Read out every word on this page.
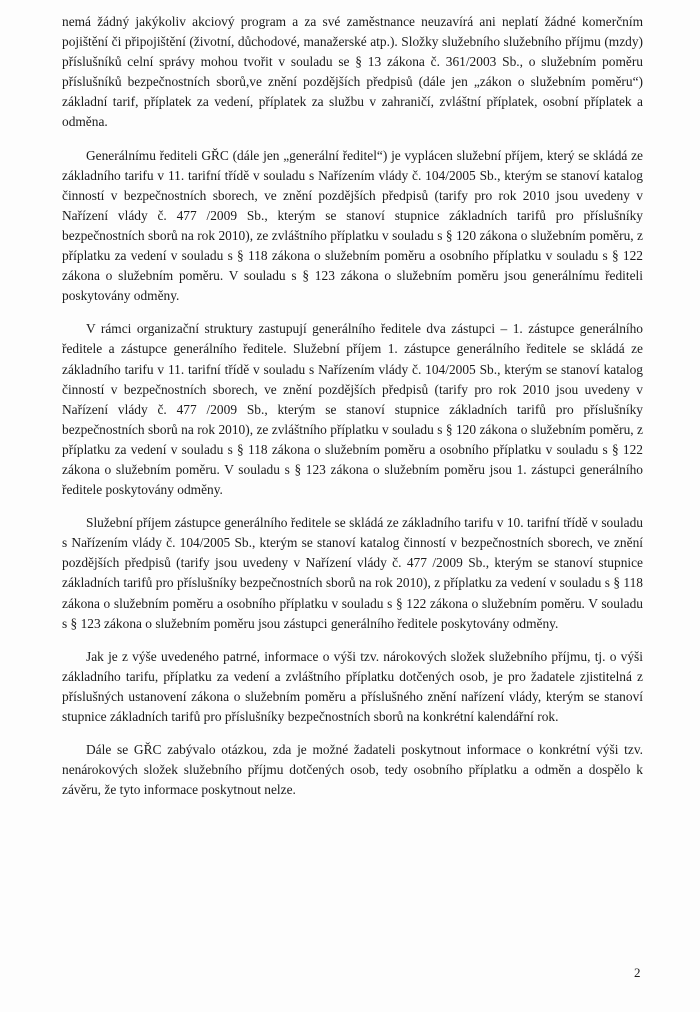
nemá žádný jakýkoliv akciový program a za své zaměstnance neuzavírá ani neplatí žádné komerčním pojištění či připojištění (životní, důchodové, manažerské atp.). Složky služebního služebního příjmu (mzdy) příslušníků celní správy mohou tvořit v souladu se § 13 zákona č. 361/2003 Sb., o služebním poměru příslušníků bezpečnostních sborů,ve znění pozdějších předpisů (dále jen „zákon o služebním poměru“) základní tarif, příplatek za vedení, příplatek za službu v zahraničí, zvláštní příplatek, osobní příplatek a odměna.

Generálnímu řediteli GŘC (dále jen „generální ředitel“) je vyplácen služební příjem, který se skládá ze základního tarifu v 11. tarifní třídě v souladu s Nařízením vlády č. 104/2005 Sb., kterým se stanoví katalog činností v bezpečnostních sborech, ve znění pozdějších předpisů (tarify pro rok 2010 jsou uvedeny v Nařízení vlády č. 477 /2009 Sb., kterým se stanoví stupnice základních tarifů pro příslušníky bezpečnostních sborů na rok 2010), ze zvláštního příplatku v souladu s § 120 zákona o služebním poměru, z příplatku za vedení v souladu s § 118 zákona o služebním poměru a osobního příplatku v souladu s § 122 zákona o služebním poměru. V souladu s § 123 zákona o služebním poměru jsou generálnímu řediteli poskytovány odměny.

V rámci organizační struktury zastupují generálního ředitele dva zástupci – 1. zástupce generálního ředitele a zástupce generálního ředitele. Služební příjem 1. zástupce generálního ředitele se skládá ze základního tarifu v 11. tarifní třídě v souladu s Nařízením vlády č. 104/2005 Sb., kterým se stanoví katalog činností v bezpečnostních sborech, ve znění pozdějších předpisů (tarify pro rok 2010 jsou uvedeny v Nařízení vlády č. 477 /2009 Sb., kterým se stanoví stupnice základních tarifů pro příslušníky bezpečnostních sborů na rok 2010), ze zvláštního příplatku v souladu s § 120 zákona o služebním poměru, z příplatku za vedení v souladu s § 118 zákona o služebním poměru a osobního příplatku v souladu s § 122 zákona o služebním poměru. V souladu s § 123 zákona o služebním poměru jsou 1. zástupci generálního ředitele poskytovány odměny.

Služební příjem zástupce generálního ředitele se skládá ze základního tarifu v 10. tarifní třídě v souladu s Nařízením vlády č. 104/2005 Sb., kterým se stanoví katalog činností v bezpečnostních sborech, ve znění pozdějších předpisů (tarify jsou uvedeny v Nařízení vlády č. 477 /2009 Sb., kterým se stanoví stupnice základních tarifů pro příslušníky bezpečnostních sborů na rok 2010), z příplatku za vedení v souladu s § 118 zákona o služebním poměru a osobního příplatku v souladu s § 122 zákona o služebním poměru. V souladu s § 123 zákona o služebním poměru jsou zástupci generálního ředitele poskytovány odměny.

Jak je z výše uvedeného patrné, informace o výši tzv. nárokových složek služebního příjmu, tj. o výši základního tarifu, příplatku za vedení a zvláštního příplatku dotčených osob, je pro žadatele zjistitelná z příslušných ustanovení zákona o služebním poměru a příslušného znění nařízení vlády, kterým se stanoví stupnice základních tarifů pro příslušníky bezpečnostních sborů na konkrétní kalendářní rok.

Dále se GŘC zabývalo otázkou, zda je možné žadateli poskytnout informace o konkrétní výši tzv. nenárokových složek služebního příjmu dotčených osob, tedy osobního příplatku a odměn a dospělo k závěru, že tyto informace poskytnout nelze.

2
